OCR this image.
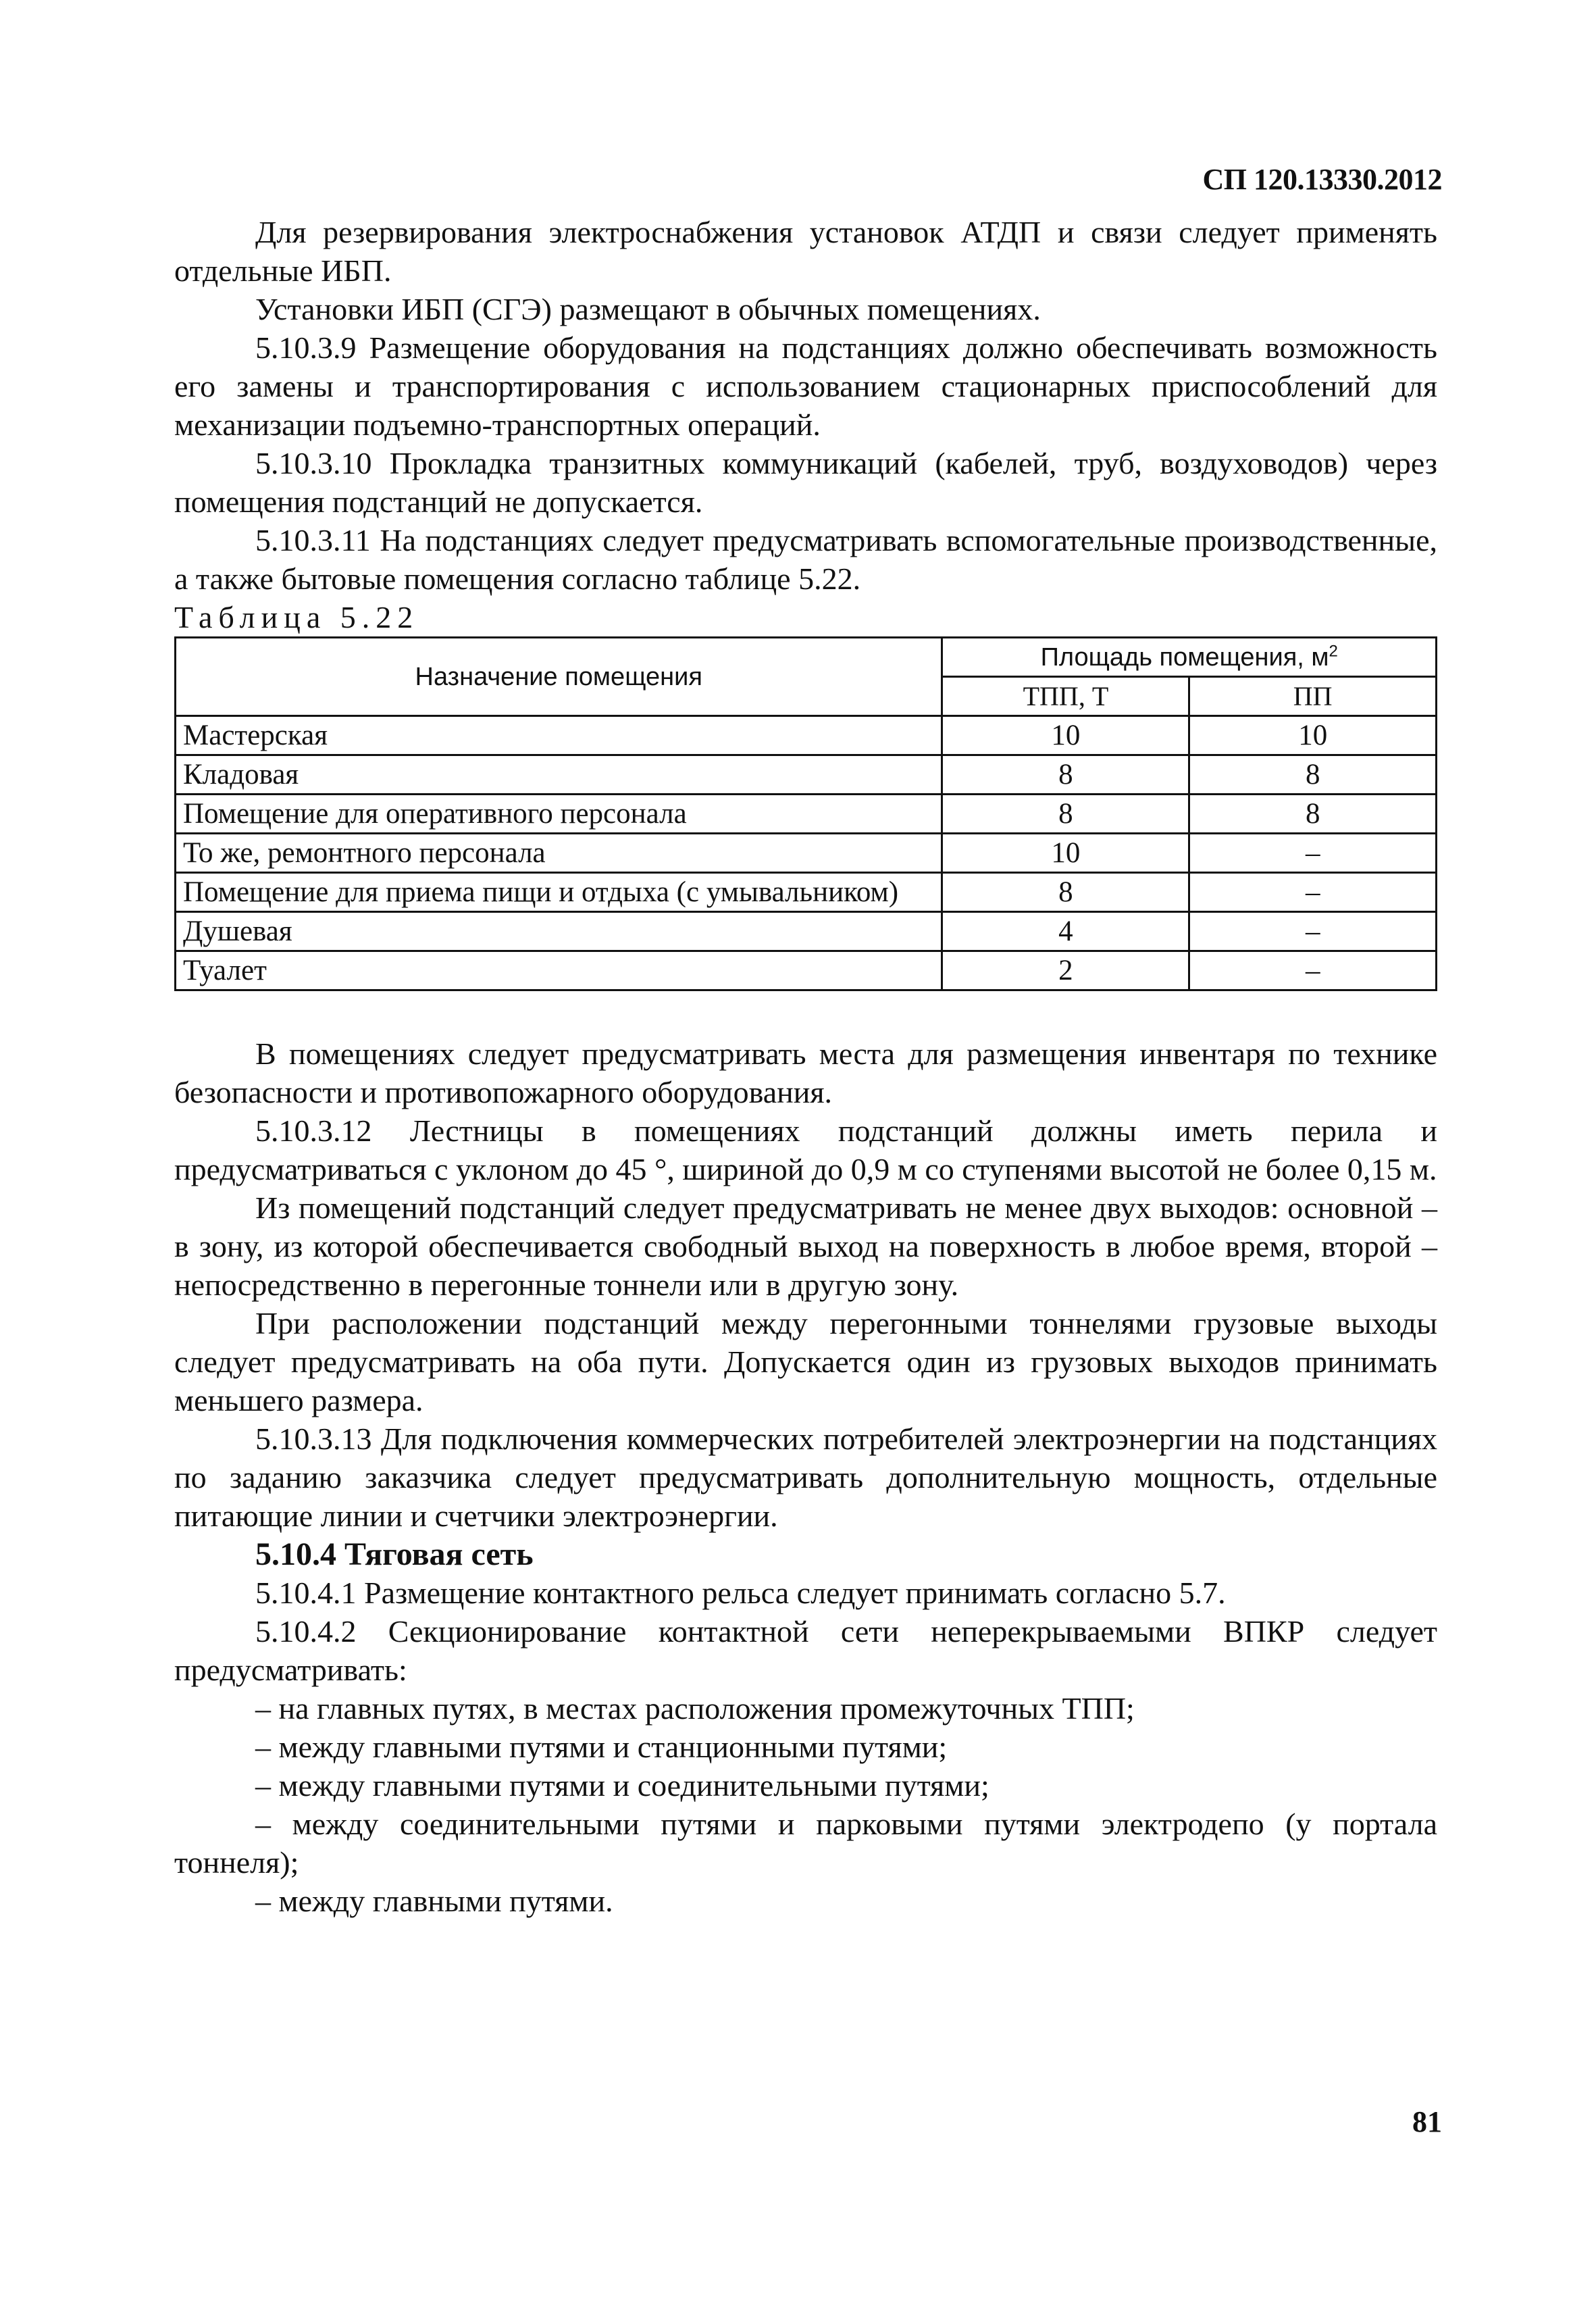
СП 120.13330.2012

Для резервирования электроснабжения установок АТДП и связи следует применять отдельные ИБП.

Установки ИБП (СГЭ) размещают в обычных помещениях.

5.10.3.9 Размещение оборудования на подстанциях должно обеспечивать возможность его замены и транспортирования с использованием стационарных приспособлений для механизации подъемно-транспортных операций.

5.10.3.10 Прокладка транзитных коммуникаций (кабелей, труб, воздуховодов) через помещения подстанций не допускается.

5.10.3.11 На подстанциях следует предусматривать вспомогательные производственные, а также бытовые помещения согласно таблице 5.22.

Таблица 5.22

Назначение помещения	Площадь помещения, $м^2$
	ТПП, Т	ПП
Мастерская	10	10
Кладовая	8	8
Помещение для оперативного персонала	8	8
То же, ремонтного персонала	10	–
Помещение для приема пищи и отдыха (с умывальником)	8	–
Душевая	4	–
Туалет	2	–

В помещениях следует предусматривать места для размещения инвентаря по технике безопасности и противопожарного оборудования.

5.10.3.12 Лестницы в помещениях подстанций должны иметь перила и предусматриваться с уклоном до 45 °, шириной до 0,9 м со ступенями высотой не более 0,15 м.

Из помещений подстанций следует предусматривать не менее двух выходов: основной – в зону, из которой обеспечивается свободный выход на поверхность в любое время, второй – непосредственно в перегонные тоннели или в другую зону.

При расположении подстанций между перегонными тоннелями грузовые выходы следует предусматривать на оба пути. Допускается один из грузовых выходов принимать меньшего размера.

5.10.3.13 Для подключения коммерческих потребителей электроэнергии на подстанциях по заданию заказчика следует предусматривать дополнительную мощность, отдельные питающие линии и счетчики электроэнергии.

5.10.4 Тяговая сеть

5.10.4.1 Размещение контактного рельса следует принимать согласно 5.7.

5.10.4.2 Секционирование контактной сети неперекрываемыми ВПКР следует предусматривать:

– на главных путях, в местах расположения промежуточных ТПП;

– между главными путями и станционными путями;

– между главными путями и соединительными путями;

– между соединительными путями и парковыми путями электродепо (у портала тоннеля);

– между главными путями.

81
